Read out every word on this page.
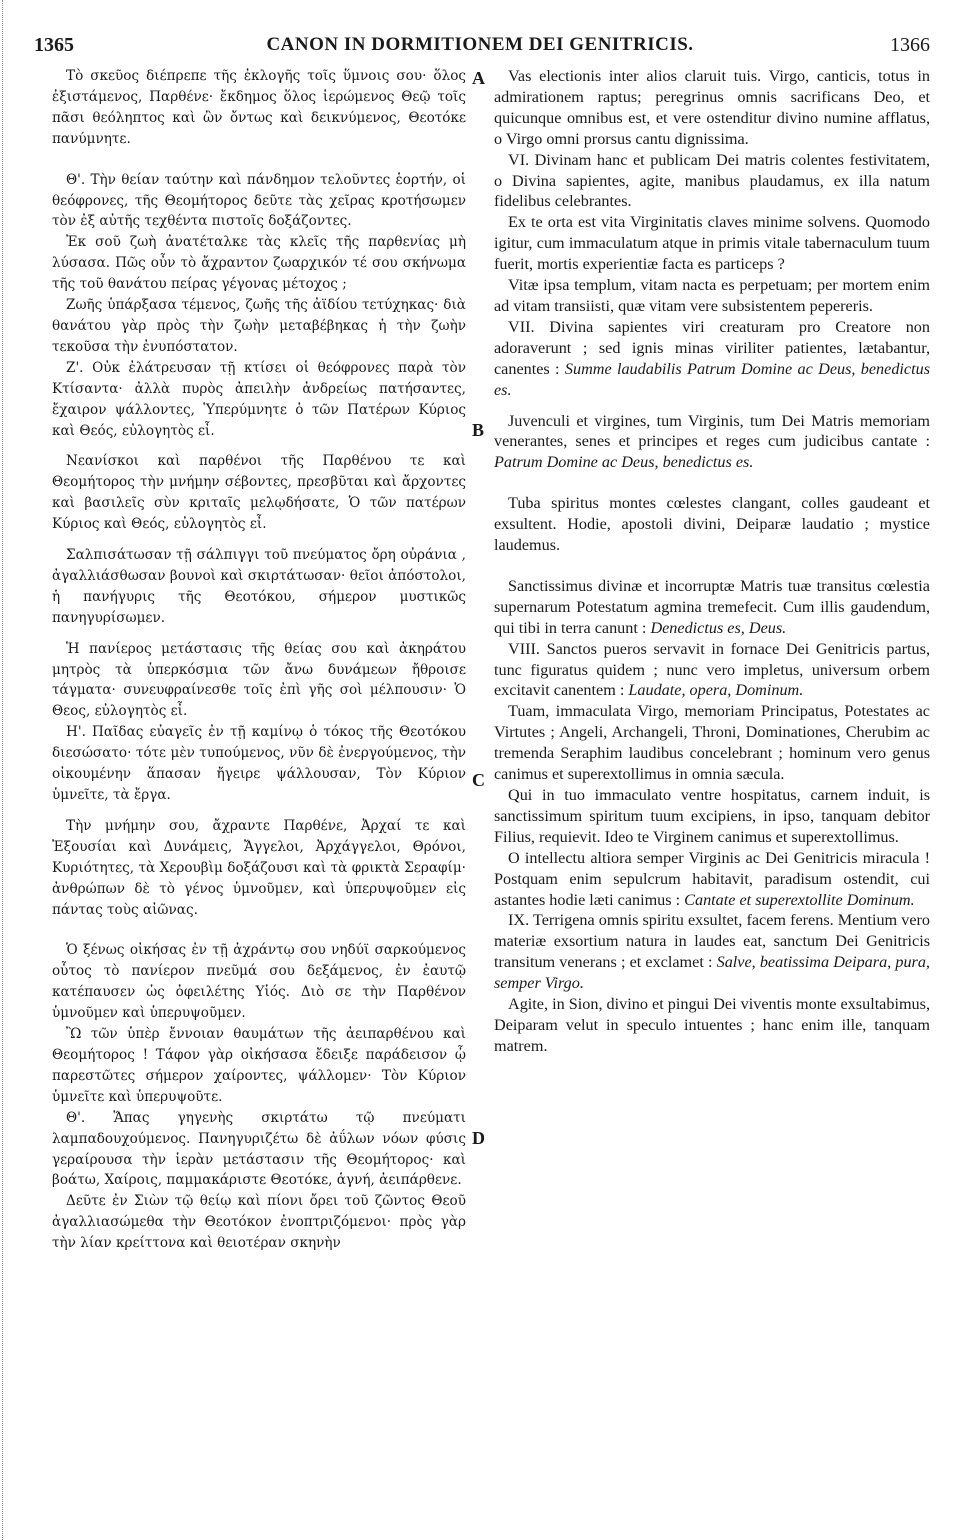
1365	CANON IN DORMITIONEM DEI GENITRICIS.	1366
A
B
C
D

Τὸ σκεῦος διέπρεπε τῆς ἐκλογῆς τοῖς ὕμνοις σου· ὅλος ἐξιστάμενος, Παρθένε· ἔκδημος ὅλος ἱερώμενος Θεῷ τοῖς πᾶσι θεόληπτος καὶ ὢν ὄντως καὶ δεικνύμενος, Θεοτόκε πανύμνητε.

Θ'. Τὴν θείαν ταύτην καὶ πάνδημον τελοῦντες ἑορτήν, οἱ θεόφρονες, τῆς Θεομήτορος δεῦτε τὰς χεῖρας κροτήσωμεν τὸν ἐξ αὐτῆς τεχθέντα πιστοῖς δοξάζοντες.

Ἐκ σοῦ ζωὴ ἀνατέταλκε τὰς κλεῖς τῆς παρθενίας μὴ λύσασα. Πῶς οὖν τὸ ἄχραντον ζωαρχικόν τέ σου σκήνωμα τῆς τοῦ θανάτου πείρας γέγονας μέτοχος ;

Ζωῆς ὑπάρξασα τέμενος, ζωῆς τῆς ἀϊδίου τετύχηκας· διὰ θανάτου γὰρ πρὸς τὴν ζωὴν μεταβέβηκας ἡ τὴν ζωὴν τεκοῦσα τὴν ἐνυπόστατον.

Ζ'. Οὐκ ἐλάτρευσαν τῇ κτίσει οἱ θεόφρονες παρὰ τὸν Κτίσαντα· ἀλλὰ πυρὸς ἀπειλὴν ἀνδρείως πατήσαντες, ἔχαιρον ψάλλοντες, Ὑπερύμνητε ὁ τῶν Πατέρων Κύριος καὶ Θεός, εὐλογητὸς εἶ.

Νεανίσκοι καὶ παρθένοι τῆς Παρθένου τε καὶ Θεομήτορος τὴν μνήμην σέβοντες, πρεσβῦται καὶ ἄρχοντες καὶ βασιλεῖς σὺν κριταῖς μελῳδήσατε, Ὁ τῶν πατέρων Κύριος καὶ Θεός, εὐλογητὸς εἶ.

Σαλπισάτωσαν τῇ σάλπιγγι τοῦ πνεύματος ὄρη οὐράνια , ἀγαλλιάσθωσαν βουνοὶ καὶ σκιρτάτωσαν· θεῖοι ἀπόστολοι, ἡ πανήγυρις τῆς Θεοτόκου, σήμερον μυστικῶς πανηγυρίσωμεν.

Ἡ πανίερος μετάστασις τῆς θείας σου καὶ ἀκηράτου μητρὸς τὰ ὑπερκόσμια τῶν ἄνω δυνάμεων ἤθροισε τάγματα· συνευφραίνεσθε τοῖς ἐπὶ γῆς σοὶ μέλπουσιν· Ὁ Θεος, εὐλογητὸς εἶ.

Η'. Παῖδας εὐαγεῖς ἐν τῇ καμίνῳ ὁ τόκος τῆς Θεοτόκου διεσώσατο· τότε μὲν τυπούμενος, νῦν δὲ ἐνεργούμενος, τὴν οἰκουμένην ἅπασαν ἤγειρε ψάλλουσαν, Τὸν Κύριον ὑμνεῖτε, τὰ ἔργα.

Τὴν μνήμην σου, ἄχραντε Παρθένε, Ἀρχαί τε καὶ Ἐξουσίαι καὶ Δυνάμεις, Ἄγγελοι, Ἀρχάγγελοι, Θρόνοι, Κυριότητες, τὰ Χερουβὶμ δοξάζουσι καὶ τὰ φρικτὰ Σεραφίμ· ἀνθρώπων δὲ τὸ γένος ὑμνοῦμεν, καὶ ὑπερυψοῦμεν εἰς πάντας τοὺς αἰῶνας.

Ὁ ξένως οἰκήσας ἐν τῇ ἀχράντῳ σου νηδύϊ σαρκούμενος οὗτος τὸ πανίερον πνεῦμά σου δεξάμενος, ἐν ἑαυτῷ κατέπαυσεν ὡς ὀφειλέτης Υἱός. Διὸ σε τὴν Παρθένον ὑμνοῦμεν καὶ ὑπερυψοῦμεν.

Ὢ τῶν ὑπὲρ ἔννοιαν θαυμάτων τῆς ἀειπαρθένου καὶ Θεομήτορος ! Τάφον γὰρ οἰκήσασα ἔδειξε παράδεισον ᾧ παρεστῶτες σήμερον χαίροντες, ψάλλομεν· Τὸν Κύριον ὑμνεῖτε καὶ ὑπερυψοῦτε.

Θ'. Ἅπας γηγενὴς σκιρτάτω τῷ πνεύματι λαμπαδουχούμενος. Πανηγυριζέτω δὲ ἀΰλων νόων φύσις γεραίρουσα τὴν ἱερὰν μετάστασιν τῆς Θεομήτορος· καὶ βοάτω, Χαίροις, παμμακάριστε Θεοτόκε, ἁγνή, ἀειπάρθενε.

Δεῦτε ἐν Σιὼν τῷ θείῳ καὶ πίονι ὄρει τοῦ ζῶντος Θεοῦ ἀγαλλιασώμεθα τὴν Θεοτόκον ἐνοπτριζόμενοι· πρὸς γὰρ τὴν λίαν κρείττονα καὶ θειοτέραν σκηνὴν

Vas electionis inter alios claruit tuis. Virgo, canticis, totus in admirationem raptus; peregrinus omnis sacrificans Deo, et quicunque omnibus est, et vere ostenditur divino numine afflatus, o Virgo omni prorsus cantu dignissima.

VI. Divinam hanc et publicam Dei matris colentes festivitatem, o Divina sapientes, agite, manibus plaudamus, ex illa natum fidelibus celebrantes.

Ex te orta est vita Virginitatis claves minime solvens. Quomodo igitur, cum immaculatum atque in primis vitale tabernaculum tuum fuerit, mortis experientiæ facta es particeps ?

Vitæ ipsa templum, vitam nacta es perpetuam; per mortem enim ad vitam transiisti, quæ vitam vere subsistentem pepereris.

VII. Divina sapientes viri creaturam pro Creatore non adoraverunt ; sed ignis minas viriliter patientes, lætabantur, canentes : Summe laudabilis Patrum Domine ac Deus, benedictus es.

Juvenculi et virgines, tum Virginis, tum Dei Matris memoriam venerantes, senes et principes et reges cum judicibus cantate : Patrum Domine ac Deus, benedictus es.

Tuba spiritus montes cœlestes clangant, colles gaudeant et exsultent. Hodie, apostoli divini, Deiparæ laudatio ; mystice laudemus.

Sanctissimus divinæ et incorruptæ Matris tuæ transitus cœlestia supernarum Potestatum agmina tremefecit. Cum illis gaudendum, qui tibi in terra canunt : Denedictus es, Deus.

VIII. Sanctos pueros servavit in fornace Dei Genitricis partus, tunc figuratus quidem ; nunc vero impletus, universum orbem excitavit canentem : Laudate, opera, Dominum.

Tuam, immaculata Virgo, memoriam Principatus, Potestates ac Virtutes ; Angeli, Archangeli, Throni, Dominationes, Cherubim ac tremenda Seraphim laudibus concelebrant ; hominum vero genus canimus et superextollimus in omnia sæcula.

Qui in tuo immaculato ventre hospitatus, carnem induit, is sanctissimum spiritum tuum excipiens, in ipso, tanquam debitor Filius, requievit. Ideo te Virginem canimus et superextollimus.

O intellectu altiora semper Virginis ac Dei Genitricis miracula ! Postquam enim sepulcrum habitavit, paradisum ostendit, cui astantes hodie læti canimus : Cantate et superextollite Dominum.

IX. Terrigena omnis spiritu exsultet, facem ferens. Mentium vero materiæ exsortium natura in laudes eat, sanctum Dei Genitricis transitum venerans ; et exclamet : Salve, beatissima Deipara, pura, semper Virgo.

Agite, in Sion, divino et pingui Dei viventis monte exsultabimus, Deiparam velut in speculo intuentes ; hanc enim ille, tanquam matrem.
